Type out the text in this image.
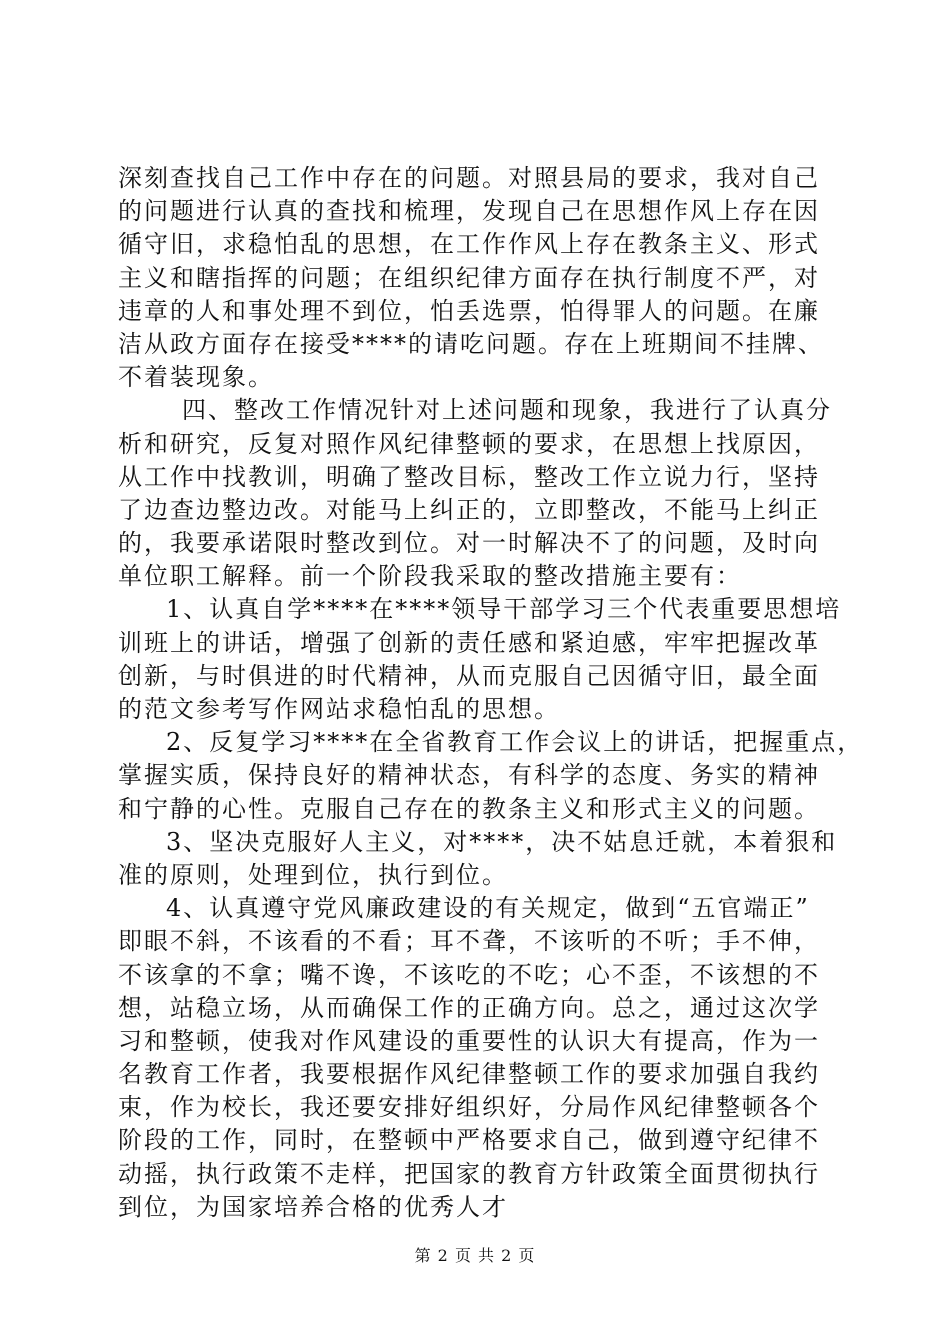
深刻查找自己工作中存在的问题。对照县局的要求，我对自己
的问题进行认真的查找和梳理，发现自己在思想作风上存在因
循守旧，求稳怕乱的思想，在工作作风上存在教条主义、形式
主义和瞎指挥的问题；在组织纪律方面存在执行制度不严，对
违章的人和事处理不到位，怕丢选票，怕得罪人的问题。在廉
洁从政方面存在接受****的请吃问题。存在上班期间不挂牌、
不着装现象。
四、整改工作情况针对上述问题和现象，我进行了认真分
析和研究，反复对照作风纪律整顿的要求，在思想上找原因，
从工作中找教训，明确了整改目标，整改工作立说力行，坚持
了边查边整边改。对能马上纠正的，立即整改，不能马上纠正
的，我要承诺限时整改到位。对一时解决不了的问题，及时向
单位职工解释。前一个阶段我采取的整改措施主要有：
1、认真自学****在****领导干部学习三个代表重要思想培
训班上的讲话，增强了创新的责任感和紧迫感，牢牢把握改革
创新，与时俱进的时代精神，从而克服自己因循守旧，最全面
的范文参考写作网站求稳怕乱的思想。
2、反复学习****在全省教育工作会议上的讲话，把握重点，
掌握实质，保持良好的精神状态，有科学的态度、务实的精神
和宁静的心性。克服自己存在的教条主义和形式主义的问题。
3、坚决克服好人主义，对****，决不姑息迁就，本着狠和
准的原则，处理到位，执行到位。
4、认真遵守党风廉政建设的有关规定，做到“五官端正”
即眼不斜，不该看的不看；耳不聋，不该听的不听；手不伸，
不该拿的不拿；嘴不谗，不该吃的不吃；心不歪，不该想的不
想，站稳立场，从而确保工作的正确方向。总之，通过这次学
习和整顿，使我对作风建设的重要性的认识大有提高，作为一
名教育工作者，我要根据作风纪律整顿工作的要求加强自我约
束，作为校长，我还要安排好组织好，分局作风纪律整顿各个
阶段的工作，同时，在整顿中严格要求自己，做到遵守纪律不
动摇，执行政策不走样，把国家的教育方针政策全面贯彻执行
到位，为国家培养合格的优秀人才
第 2 页 共 2 页
